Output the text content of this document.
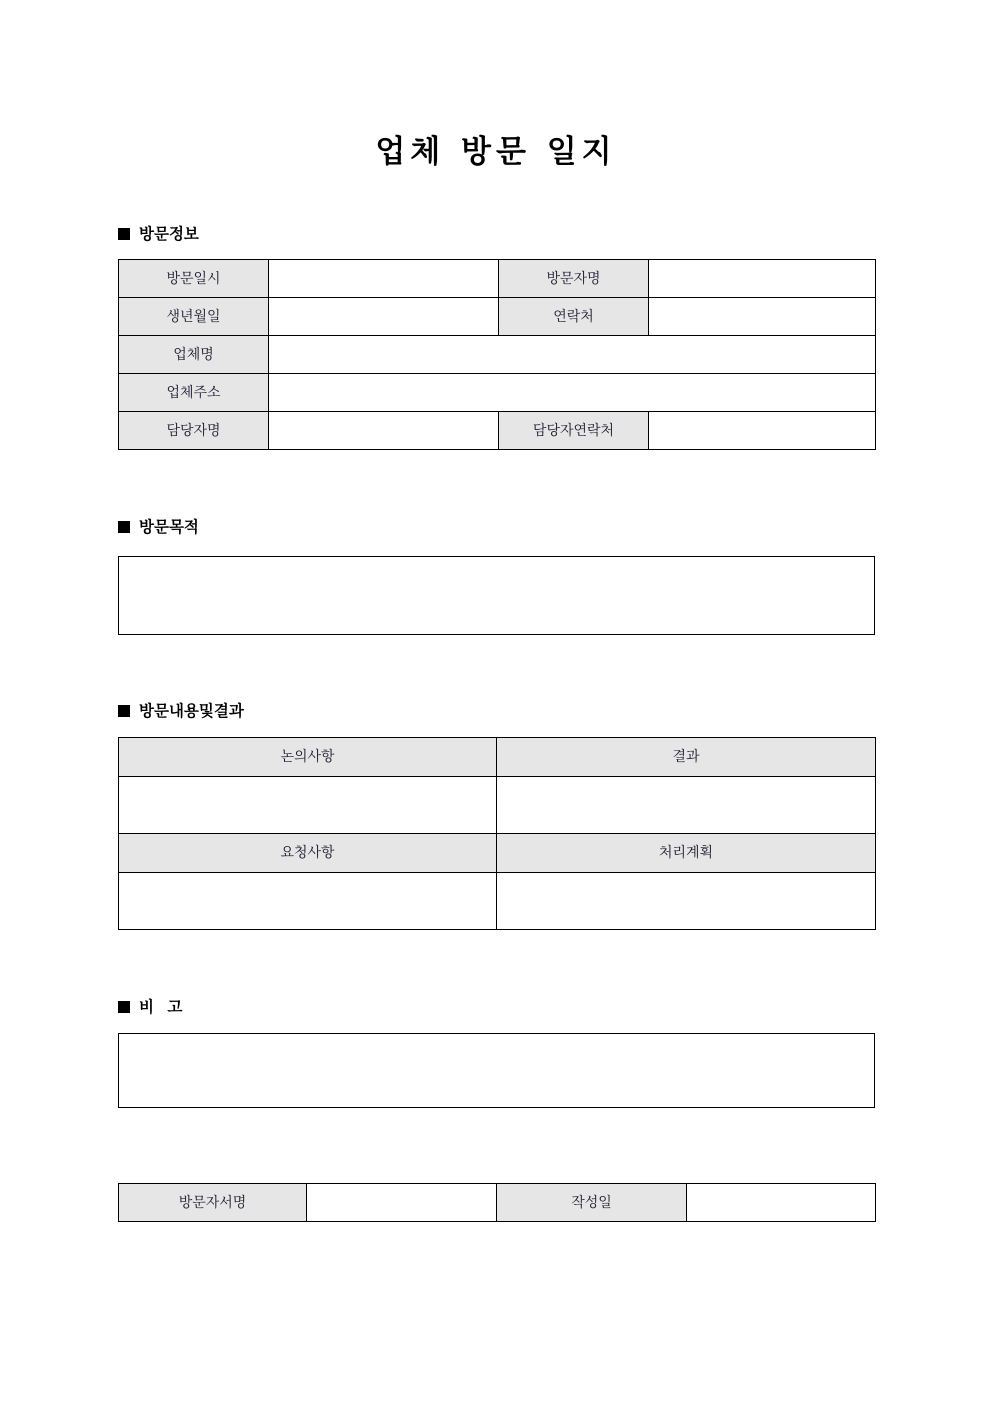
업체 방문 일지
방문정보
방문일시		방문자명	
생년월일		연락처	
업체명			
업체주소			
담당자명		담당자연락처	
방문목적
방문내용및결과
논의사항	결과

요청사항	처리계획

비 고
방문자서명		작성일	
